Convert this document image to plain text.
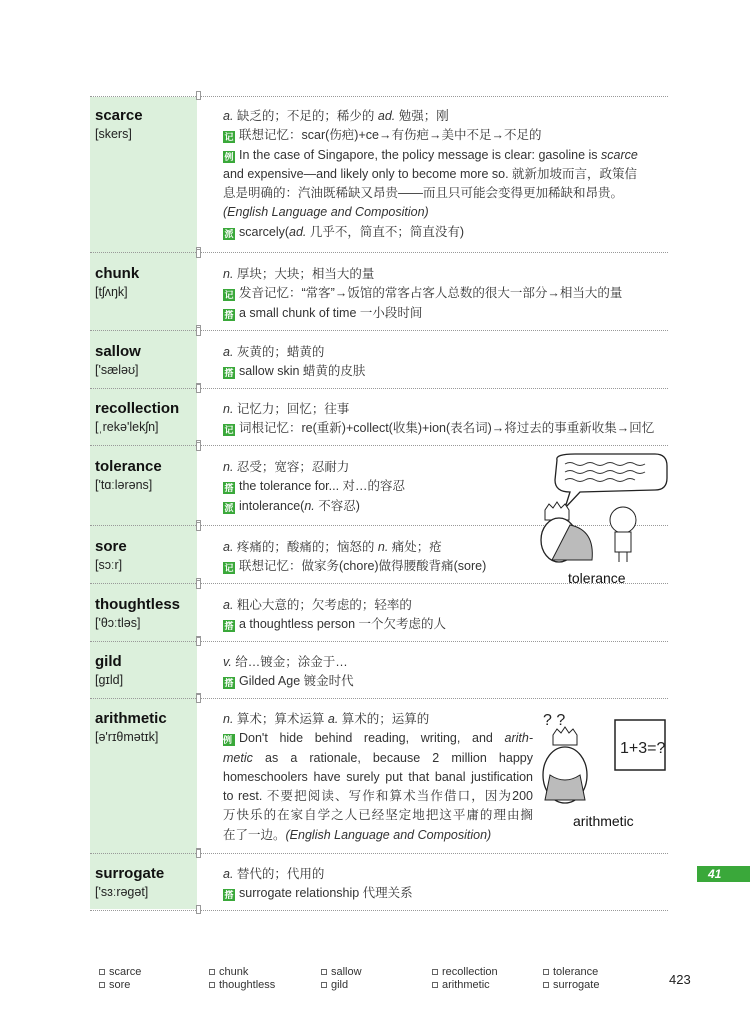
scarce
[skers]
a. 缺乏的；不足的；稀少的 ad. 勉强；刚
记 联想记忆：scar(伤疤)+ce→有伤疤→美中不足→不足的
例 In the case of Singapore, the policy message is clear: gasoline is scarce
and expensive—and likely only to become more so. 就新加坡而言，政策信
息是明确的：汽油既稀缺又昂贵——而且只可能会变得更加稀缺和昂贵。
(English Language and Composition)
派 scarcely(ad. 几乎不，简直不；简直没有)
chunk
[tʃʌŋk]
n. 厚块；大块；相当大的量
记 发音记忆：“常客”→饭馆的常客占客人总数的很大一部分→相当大的量
搭 a small chunk of time 一小段时间
sallow
['sæləʊ]
a. 灰黄的；蜡黄的
搭 sallow skin 蜡黄的皮肤
recollection
[ˌrekə'lekʃn]
n. 记忆力；回忆；往事
记 词根记忆：re(重新)+collect(收集)+ion(表名词)→将过去的事重新收集→回忆
tolerance
['tɑːlərəns]
n. 忍受；宽容；忍耐力
搭 the tolerance for... 对…的容忍
派 intolerance(n. 不容忍)
sore
[sɔːr]
a. 疼痛的；酸痛的；恼怒的 n. 痛处；疮
记 联想记忆：做家务(chore)做得腰酸背痛(sore)
thoughtless
['θɔːtləs]
a. 粗心大意的；欠考虑的；轻率的
搭 a thoughtless person 一个欠考虑的人
gild
[gɪld]
v. 给…镀金；涂金于…
搭 Gilded Age 镀金时代
arithmetic
[ə'rɪθmətɪk]
n. 算术；算术运算 a. 算术的；运算的
例 Don't hide behind reading, writing, and arith-
metic as a rationale, because 2 million happy
homeschoolers have surely put that banal justification
to rest. 不要把阅读、写作和算术当作借口，因为200
万快乐的在家自学之人已经坚定地把这平庸的理由搁
在了一边。(English Language and Composition)
surrogate
['sɜːrəgət]
a. 替代的；代用的
搭 surrogate relationship 代理关系
tolerance
? ?
1+3=?
arithmetic
41
scarce	chunk	sallow	recollection	tolerance
sore	thoughtless	gild	arithmetic	surrogate	423
